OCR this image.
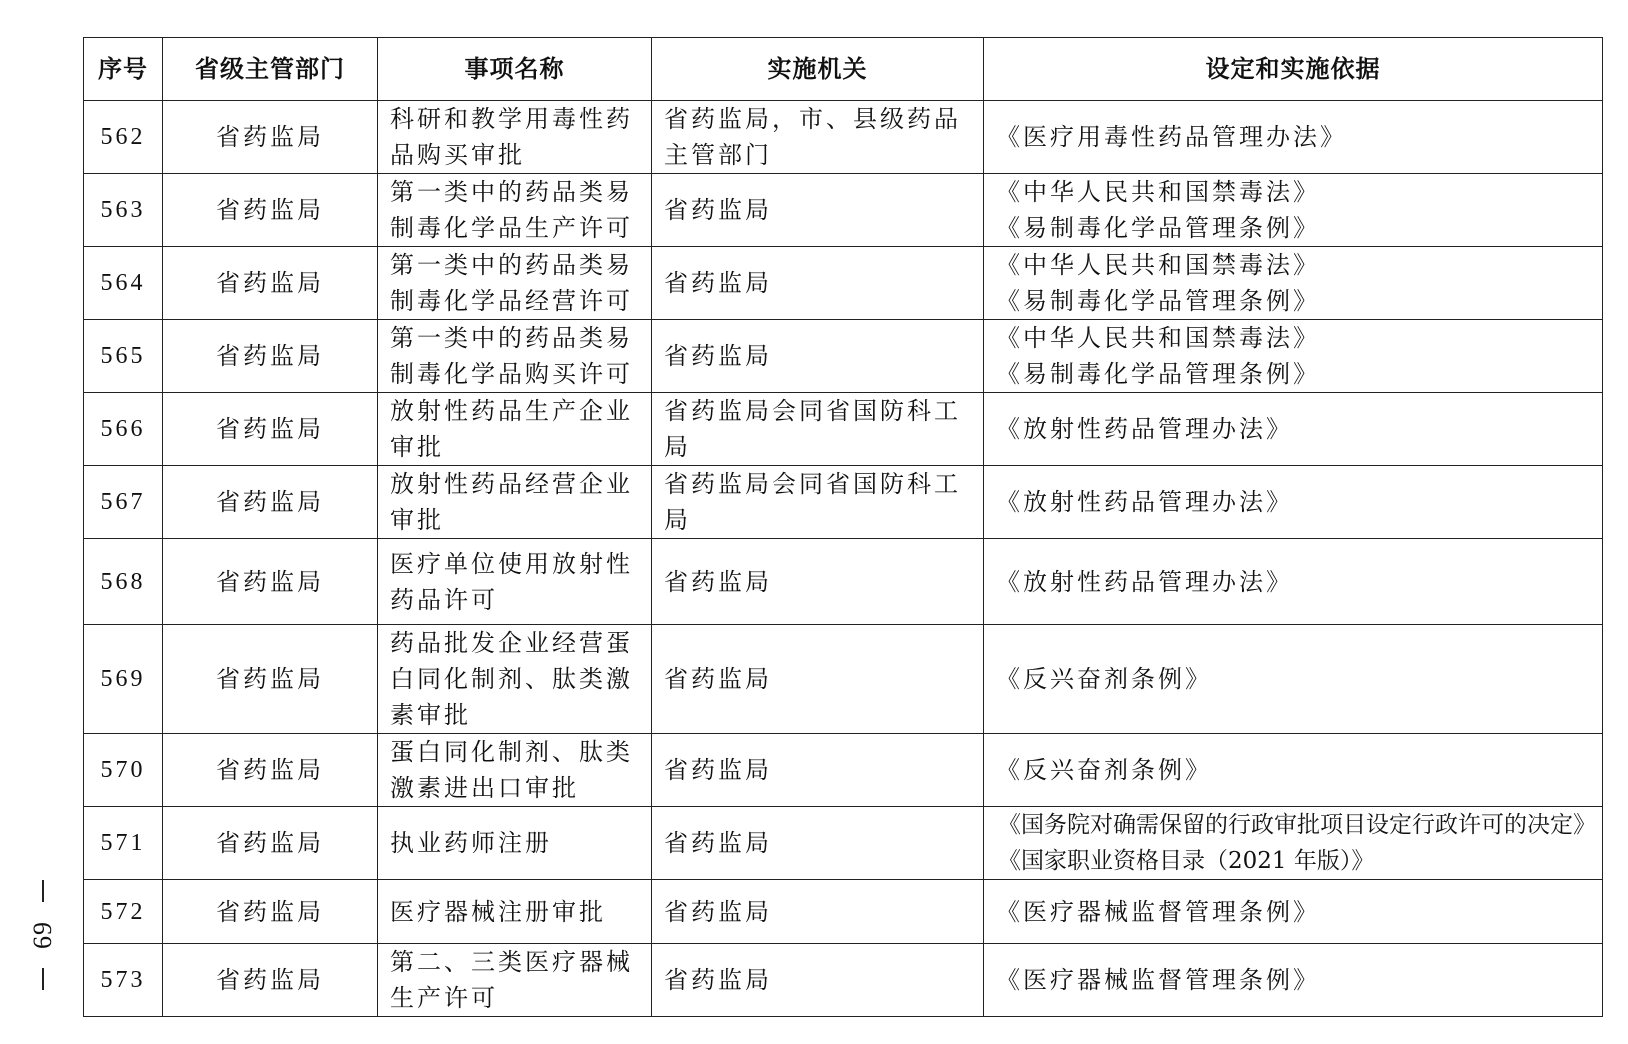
序号	省级主管部门	事项名称	实施机关	设定和实施依据
562	省药监局	科研和教学用毒性药品购买审批	省药监局，市、县级药品主管部门	《医疗用毒性药品管理办法》

563	省药监局	第一类中的药品类易制毒化学品生产许可	省药监局	《中华人民共和国禁毒法》
《易制毒化学品管理条例》

564	省药监局	第一类中的药品类易制毒化学品经营许可	省药监局	《中华人民共和国禁毒法》
《易制毒化学品管理条例》

565	省药监局	第一类中的药品类易制毒化学品购买许可	省药监局	《中华人民共和国禁毒法》
《易制毒化学品管理条例》

566	省药监局	放射性药品生产企业审批	省药监局会同省国防科工局	《放射性药品管理办法》

567	省药监局	放射性药品经营企业审批	省药监局会同省国防科工局	《放射性药品管理办法》

568	省药监局	医疗单位使用放射性药品许可	省药监局	《放射性药品管理办法》

569	省药监局	药品批发企业经营蛋白同化制剂、肽类激素审批	省药监局	《反兴奋剂条例》

570	省药监局	蛋白同化制剂、肽类激素进出口审批	省药监局	《反兴奋剂条例》

571	省药监局	执业药师注册	省药监局	《国务院对确需保留的行政审批项目设定行政许可的决定》
《国家职业资格目录（2021 年版）》

572	省药监局	医疗器械注册审批	省药监局	《医疗器械监督管理条例》

573	省药监局	第二、三类医疗器械生产许可	省药监局	《医疗器械监督管理条例》
69
